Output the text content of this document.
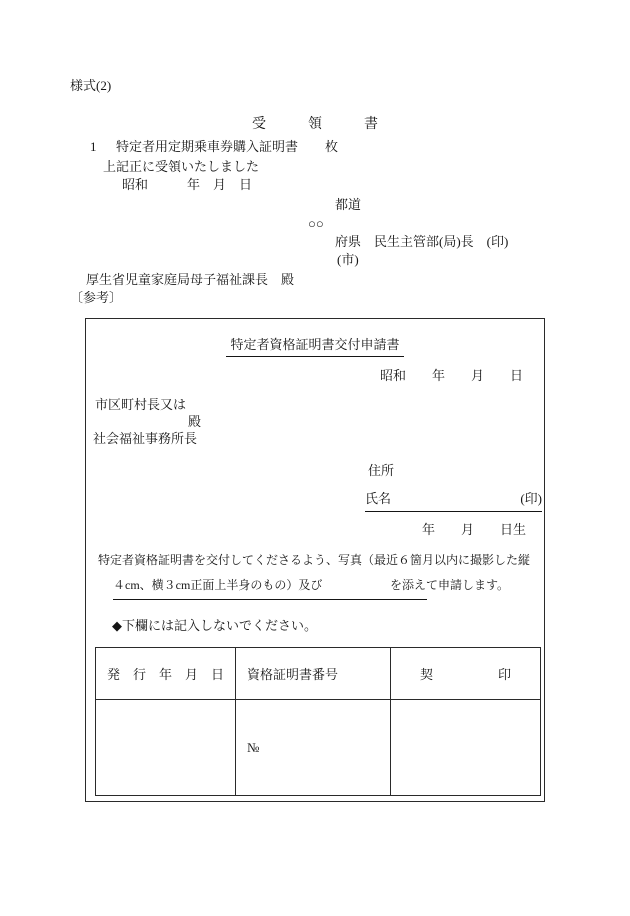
様式(2)
受　　　領　　　書
1 特定者用定期乗車券購入証明書 枚
上記正に受領いたしました
昭和　　　年　月　日
都道
○○
府県　民生主管部(局)長　(印)
(市)
厚生省児童家庭局母子福祉課長　殿
〔参考〕
特定者資格証明書交付申請書
昭和　　年　　月　　日
市区町村長又は
殿
社会福祉事務所長
住所
氏名	(印)
年　　月　　日生
特定者資格証明書を交付してくださるよう、写真（最近６箇月以内に撮影した縦
４cm、横３cm正面上半身のもの）及び	を添えて申請します。
◆下欄には記入しないでください。
発　行　年　月　日	資格証明書番号	契　　　　　印
	№	
